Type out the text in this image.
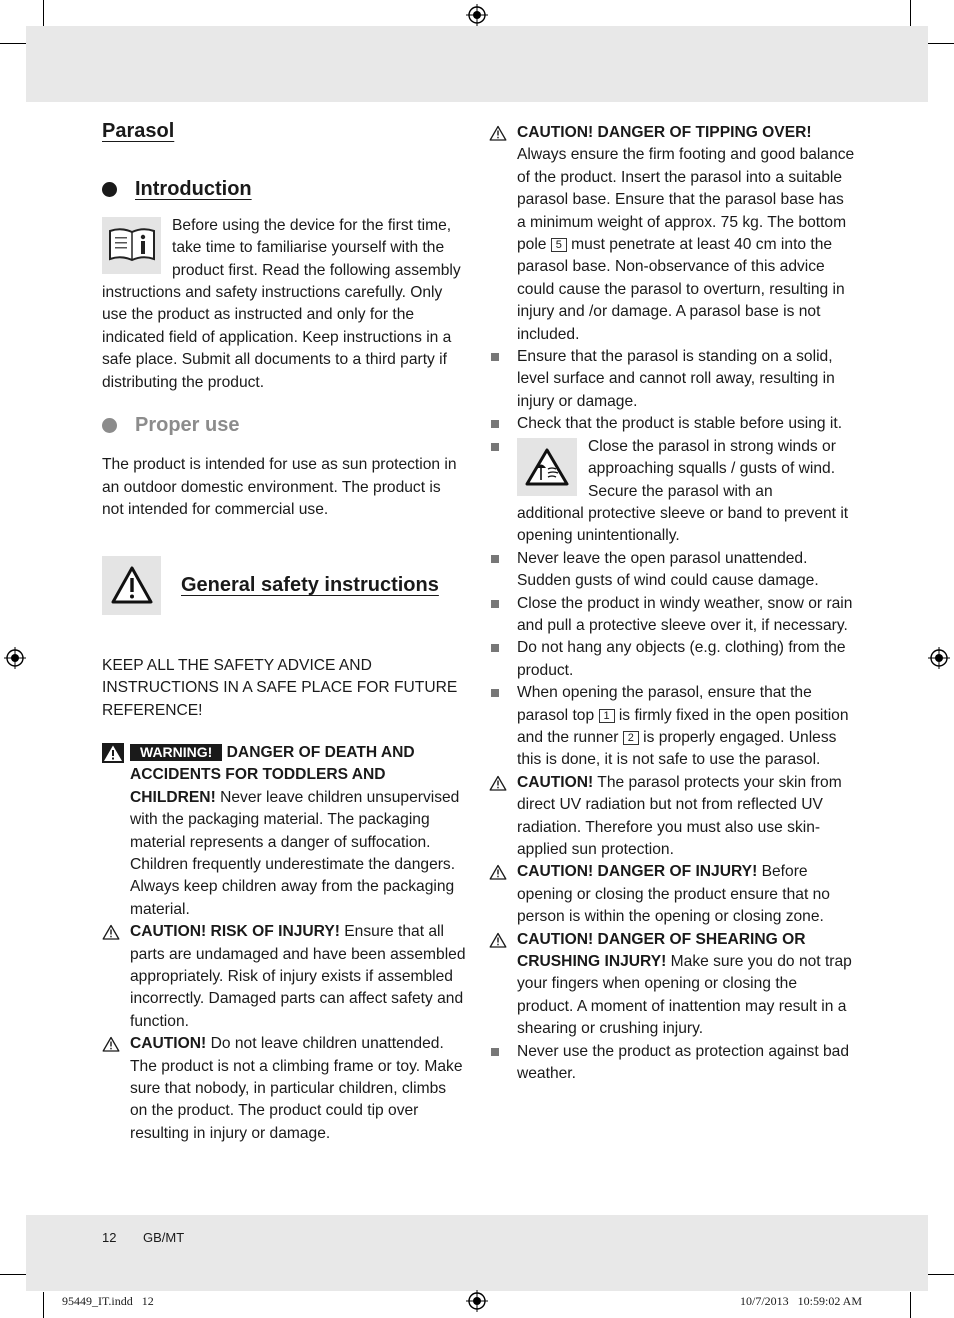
Parasol
Introduction

Before using the device for the first time,

take time to familiarise yourself with the

product first. Read the following assembly

instructions and safety instructions carefully. Only use the product as instructed and only for the indicated field of application. Keep instructions in a safe place. Submit all documents to a third party if distributing the product.

Proper use

The product is intended for use as sun protection in an outdoor domestic environment. The product is not intended for commercial use.

General safety instructions

KEEP ALL THE SAFETY ADVICE AND INSTRUCTIONS IN A SAFE PLACE FOR FUTURE REFERENCE!

WARNING! DANGER OF DEATH AND ACCIDENTS FOR TODDLERS AND CHILDREN! Never leave children unsupervised with the packaging material. The packaging material represents a danger of suffocation. Children frequently underestimate the dangers. Always keep children away from the packaging material.
CAUTION! RISK OF INJURY! Ensure that all parts are undamaged and have been assembled appropriately. Risk of injury exists if assembled incorrectly. Damaged parts can affect safety and function.
CAUTION! Do not leave children unattended. The product is not a climbing frame or toy. Make sure that nobody, in particular children, climbs on the product. The product could tip over resulting in injury or damage.
CAUTION! DANGER OF TIPPING OVER! Always ensure the firm footing and good balance of the product. Insert the parasol into a suitable parasol base. Ensure that the parasol base has a minimum weight of approx. 75 kg. The bottom pole 5 must penetrate at least 40 cm into the parasol base. Non-observance of this advice could cause the parasol to overturn, resulting in injury and /or damage. A parasol base is not included.
Ensure that the parasol is standing on a solid, level surface and cannot roll away, resulting in injury or damage.
Check that the product is stable before using it.

Close the parasol in strong winds or

approaching squalls / gusts of wind.

Secure the parasol with an

additional protective sleeve or band to prevent it opening unintentionally.

Never leave the open parasol unattended. Sudden gusts of wind could cause damage.
Close the product in windy weather, snow or rain and pull a protective sleeve over it, if necessary.
Do not hang any objects (e.g. clothing) from the product.
When opening the parasol, ensure that the parasol top 1 is firmly fixed in the open position and the runner 2 is properly engaged. Unless this is done, it is not safe to use the parasol.
CAUTION! The parasol protects your skin from direct UV radiation but not from reflected UV radiation. Therefore you must also use skin-applied sun protection.
CAUTION! DANGER OF INJURY! Before opening or closing the product ensure that no person is within the opening or closing zone.
CAUTION! DANGER OF SHEARING OR CRUSHING INJURY! Make sure you do not trap your fingers when opening or closing the product. A moment of inattention may result in a shearing or crushing injury.
Never use the product as protection against bad weather.
12 GB/MT
95449_IT.indd   12	10/7/2013   10:59:02 AM
